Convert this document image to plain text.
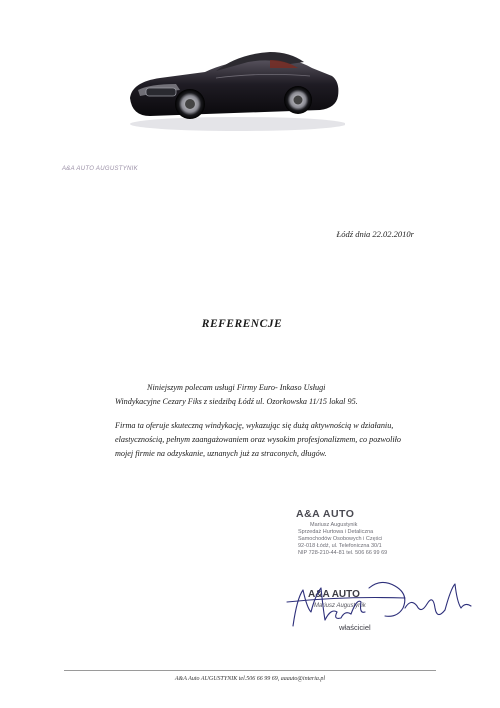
A&A AUTO AUGUSTYNIK
Łódź dnia 22.02.2010r
REFERENCJE
Niniejszym polecam usługi Firmy Euro- Inkaso Usługi
Windykacyjne Cezary Fiks z siedzibą Łódź ul. Ozorkowska 11/15 lokal 95.
Firma ta oferuje skuteczną windykację, wykazując się dużą aktywnością w działaniu, elastycznością, pełnym zaangażowaniem oraz wysokim profesjonalizmem, co pozwoliło mojej firmie na odzyskanie, uznanych już za straconych, długów.
A&A AUTO
Mariusz Augustynik
Sprzedaż Hurtowa i Detaliczna
Samochodów Osobowych i Części
92-018 Łódź, ul. Telefoniczna 30/1
NIP 728-210-44-81 tel. 506 66 99 69
A&A AUTO
Mariusz Augustynik
właściciel
A&A Auto AUGUSTYNIK tel.506 66 99 69, aaauto@interia.pl
